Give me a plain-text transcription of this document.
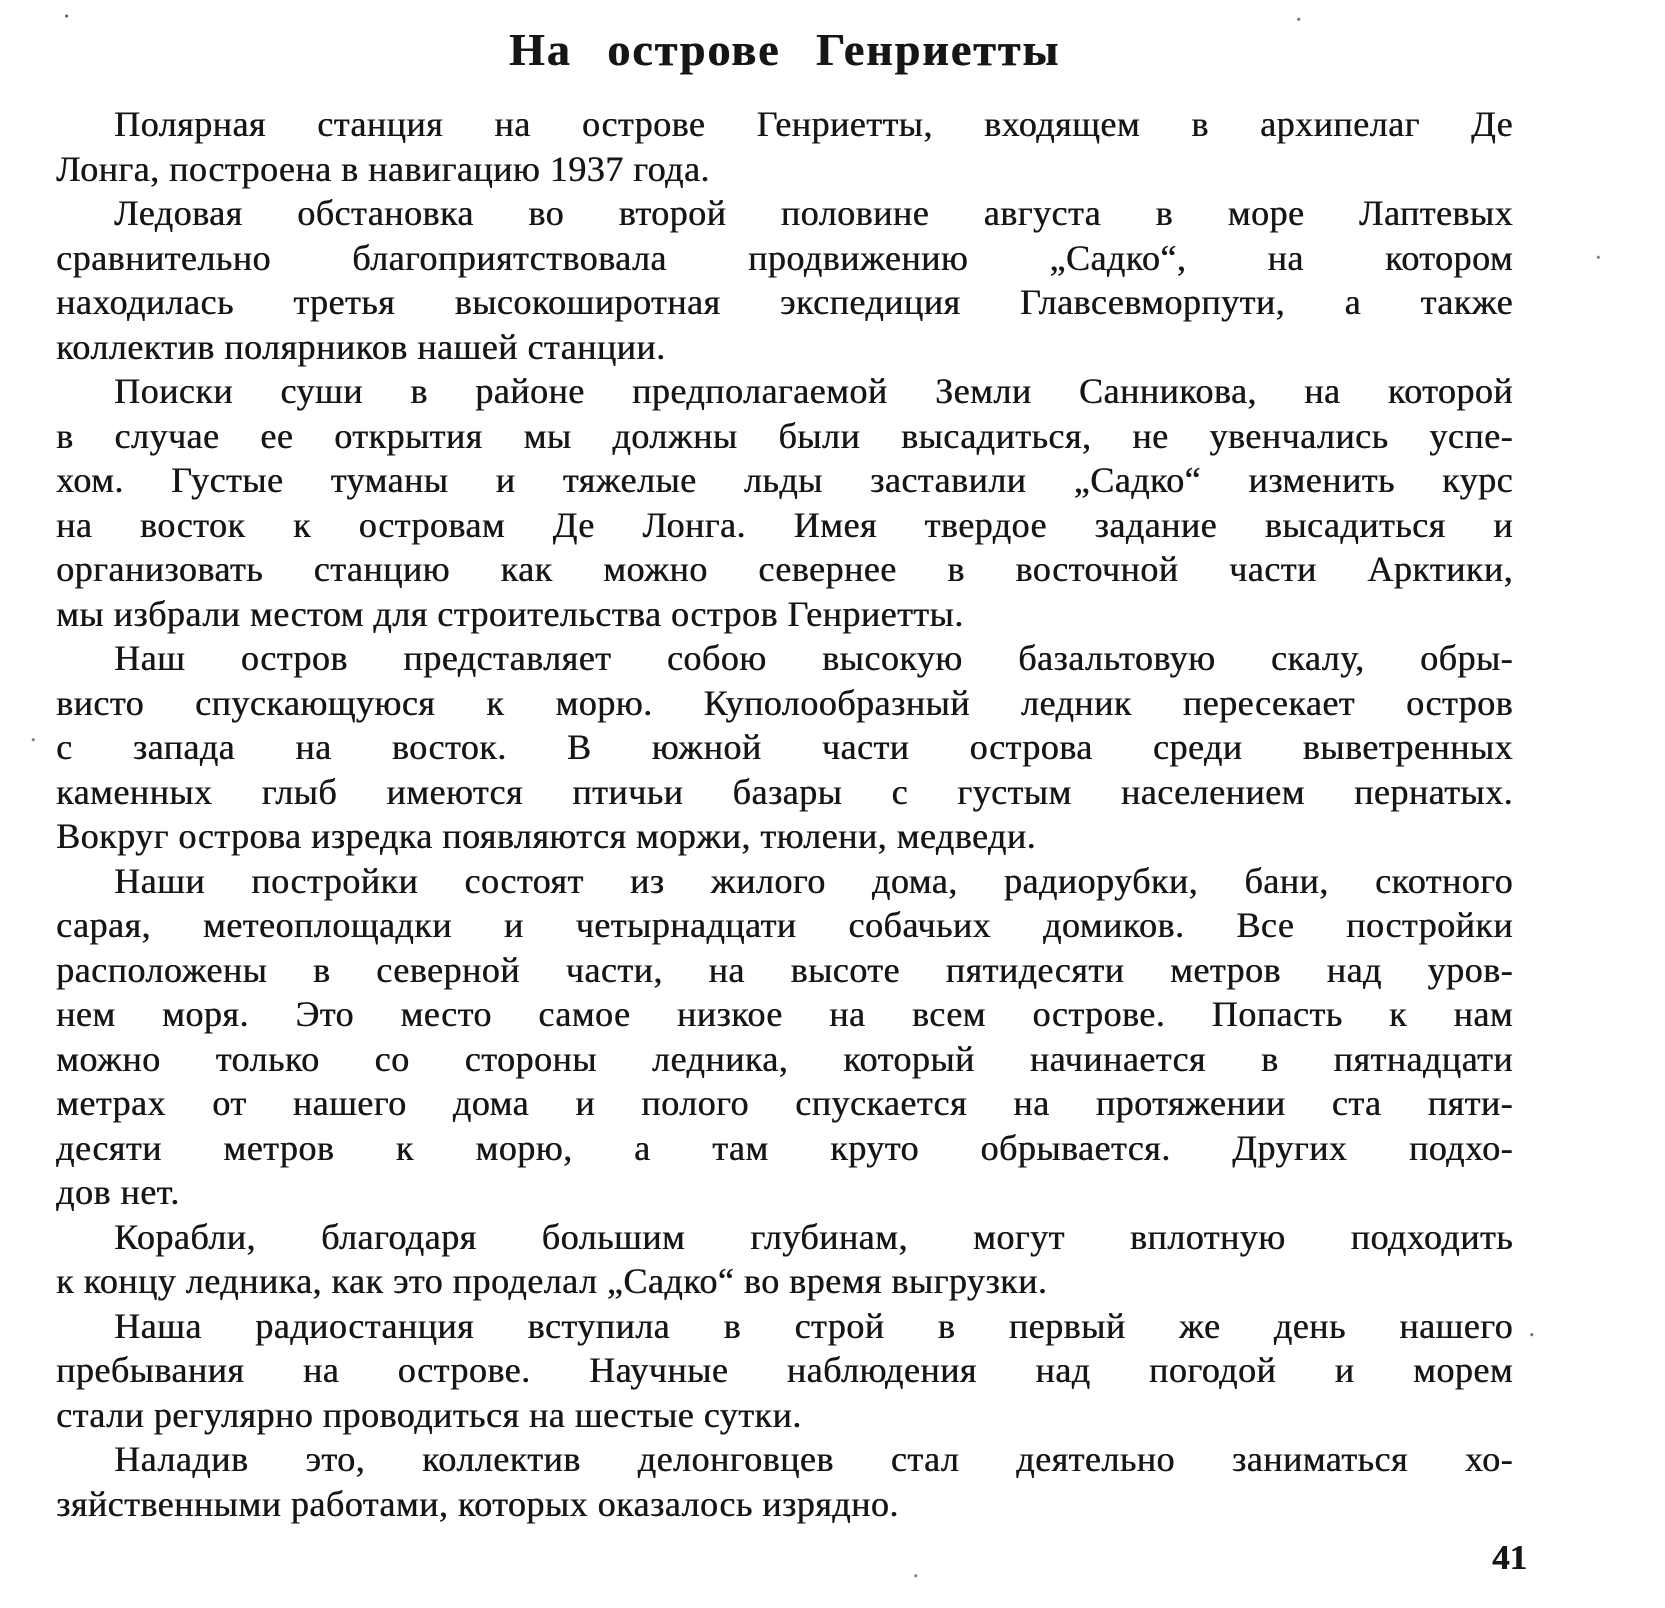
На острове Генриетты
Полярная станция на острове Генриетты, входящем в архипелаг Де
Лонга, построена в навигацию 1937 года.
Ледовая обстановка во второй половине августа в море Лаптевых
сравнительно благоприятствовала продвижению „Садко“, на котором
находилась третья высокоширотная экспедиция Главсевморпути, а также
коллектив полярников нашей станции.
Поиски суши в районе предполагаемой Земли Санникова, на которой
в случае ее открытия мы должны были высадиться, не увенчались успе-
хом. Густые туманы и тяжелые льды заставили „Садко“ изменить курс
на восток к островам Де Лонга. Имея твердое задание высадиться и
организовать станцию как можно севернее в восточной части Арктики,
мы избрали местом для строительства остров Генриетты.
Наш остров представляет собою высокую базальтовую скалу, обры-
висто спускающуюся к морю. Куполообразный ледник пересекает остров
с запада на восток. В южной части острова среди выветренных
каменных глыб имеются птичьи базары с густым населением пернатых.
Вокруг острова изредка появляются моржи, тюлени, медведи.
Наши постройки состоят из жилого дома, радиорубки, бани, скотного
сарая, метеоплощадки и четырнадцати собачьих домиков. Все постройки
расположены в северной части, на высоте пятидесяти метров над уров-
нем моря. Это место самое низкое на всем острове. Попасть к нам
можно только со стороны ледника, который начинается в пятнадцати
метрах от нашего дома и полого спускается на протяжении ста пяти-
десяти метров к морю, а там круто обрывается. Других подхо-
дов нет.
Корабли, благодаря большим глубинам, могут вплотную подходить
к концу ледника, как это проделал „Садко“ во время выгрузки.
Наша радиостанция вступила в строй в первый же день нашего
пребывания на острове. Научные наблюдения над погодой и морем
стали регулярно проводиться на шестые сутки.
Наладив это, коллектив делонговцев стал деятельно заниматься хо-
зяйственными работами, которых оказалось изрядно.
41
